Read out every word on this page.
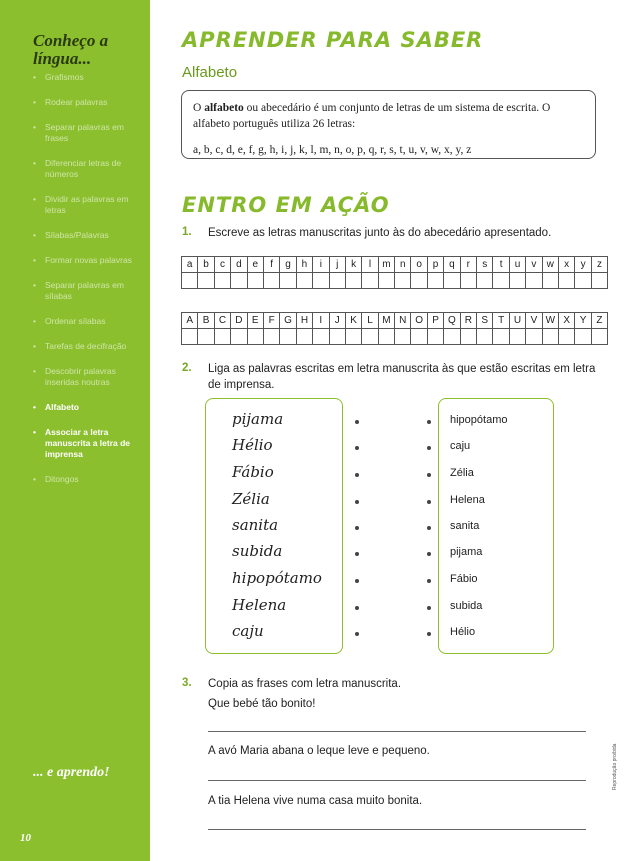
Conheço a
língua...
• Grafismos
• Rodear palavras
• Separar palavras em frases
• Diferenciar letras de números
• Dividir as palavras em letras
• Sílabas/Palavras
• Formar novas palavras
• Separar palavras em sílabas
• Ordenar sílabas
• Tarefas de decifração
• Descobrir palavras inseridas noutras
• Alfabeto
• Associar a letra manuscrita a letra de imprensa
• Ditongos
... e aprendo!
10
APRENDER PARA SABER
Alfabeto
O alfabeto ou abecedário é um conjunto de letras de um sistema de escrita. O alfabeto português utiliza 26 letras:
a, b, c, d, e, f, g, h, i, j, k, l, m, n, o, p, q, r, s, t, u, v, w, x, y, z
ENTRO EM AÇÃO
1. Escreve as letras manuscritas junto às do abecedário apresentado.
a	b	c	d	e	f	g	h	i	j	k	l	m	n	o	p	q	r	s	t	u	v	w	x	y	z

A	B	C	D	E	F	G	H	I	J	K	L	M	N	O	P	Q	R	S	T	U	V	W	X	Y	Z

2. Liga as palavras escritas em letra manuscrita às que estão escritas em letra de imprensa.
pijama
Hélio
Fábio
Zélia
sanita
subida
hipopótamo
Helena
caju
hipopótamo
caju
Zélia
Helena
sanita
pijama
Fábio
subida
Hélio
3. Copia as frases com letra manuscrita.
Que bebé tão bonito!
A avó Maria abana o leque leve e pequeno.
A tia Helena vive numa casa muito bonita.
Reprodução proibida
